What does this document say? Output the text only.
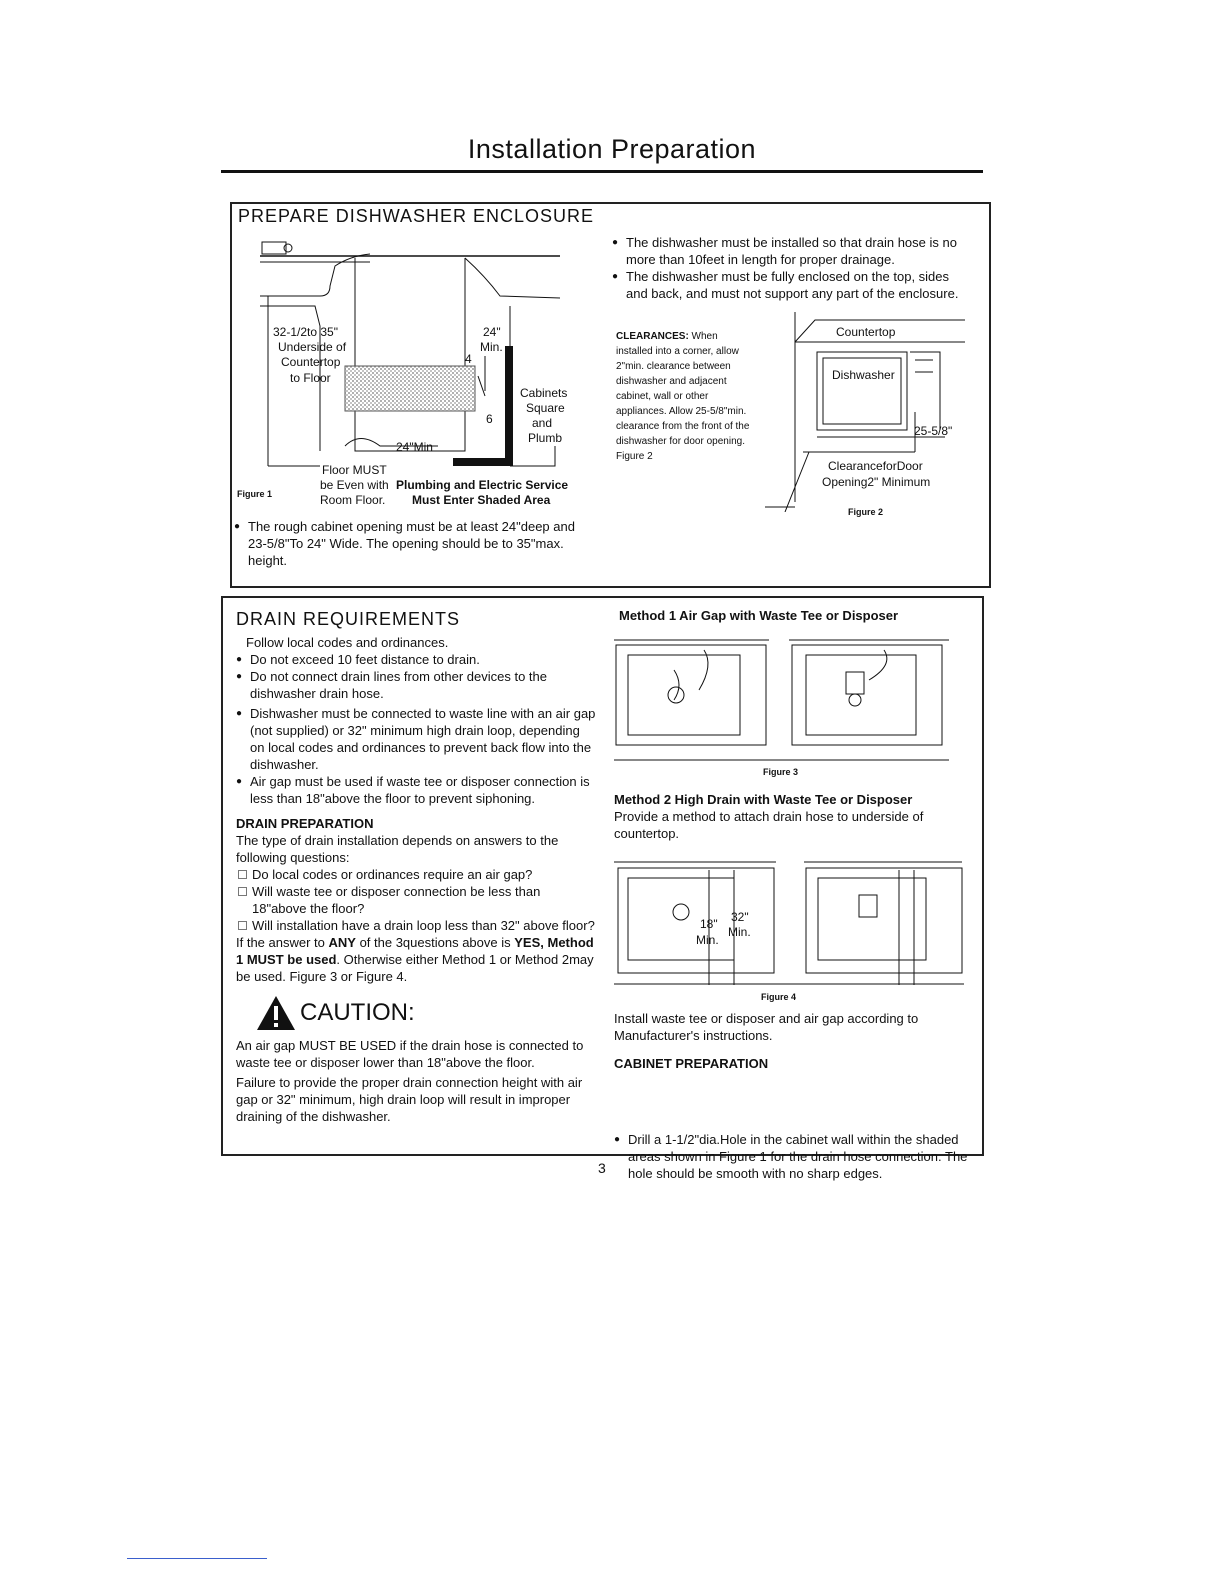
Installation Preparation
PREPARE DISHWASHER ENCLOSURE
32-1/2to 35"
Underside of
Countertop
to Floor
24"
Min.
4
6
Cabinets
Square
and
Plumb
24"Min
Floor MUST
be Even with Plumbing and Electric Service
Room Floor. Must Enter Shaded Area
Figure 1

● The rough cabinet opening must be at least 24"deep and 23-5/8"To 24" Wide. The opening should be to 35"max. height.

● The dishwasher must be installed so that drain hose is no more than 10feet in length for proper drainage.
● The dishwasher must be fully enclosed on the top, sides and back, and must not support any part of the enclosure.

CLEARANCES: When installed into a corner, allow 2"min. clearance between dishwasher and adjacent cabinet, wall or other appliances. Allow 25-5/8"min. clearance from the front of the dishwasher for door opening. Figure 2

Countertop
Dishwasher
25-5/8"
ClearanceforDoor
Opening2" Minimum
Figure 2
DRAIN REQUIREMENTS

Follow local codes and ordinances.

● Do not exceed 10 feet distance to drain.
● Do not connect drain lines from other devices to the dishwasher drain hose.
● Dishwasher must be connected to waste line with an air gap (not supplied) or 32" minimum high drain loop, depending on local codes and ordinances to prevent back flow into the dishwasher.
● Air gap must be used if waste tee or disposer connection is less than 18"above the floor to prevent siphoning.

DRAIN PREPARATION

The type of drain installation depends on answers to the following questions:

Do local codes or ordinances require an air gap?
Will waste tee or disposer connection be less than 18"above the floor?
Will installation have a drain loop less than 32" above floor?

If the answer to ANY of the 3questions above is YES, Method 1 MUST be used. Otherwise either Method 1 or Method 2may be used. Figure 3 or Figure 4.

CAUTION:

An air gap MUST BE USED if the drain hose is connected to waste tee or disposer lower than 18"above the floor.

Failure to provide the proper drain connection height with air gap or 32" minimum, high drain loop will result in improper draining of the dishwasher.

Method 1 Air Gap with Waste Tee or Disposer

Figure 3

Method 2 High Drain with Waste Tee or Disposer

Provide a method to attach drain hose to underside of countertop.

18"
Min.
32"
Min.
Figure 4

Install waste tee or disposer and air gap according to Manufacturer's instructions.

CABINET PREPARATION

● Drill a 1-1/2"dia.Hole in the cabinet wall within the shaded areas shown in Figure 1 for the drain hose connection. The hole should be smooth with no sharp edges.

3
